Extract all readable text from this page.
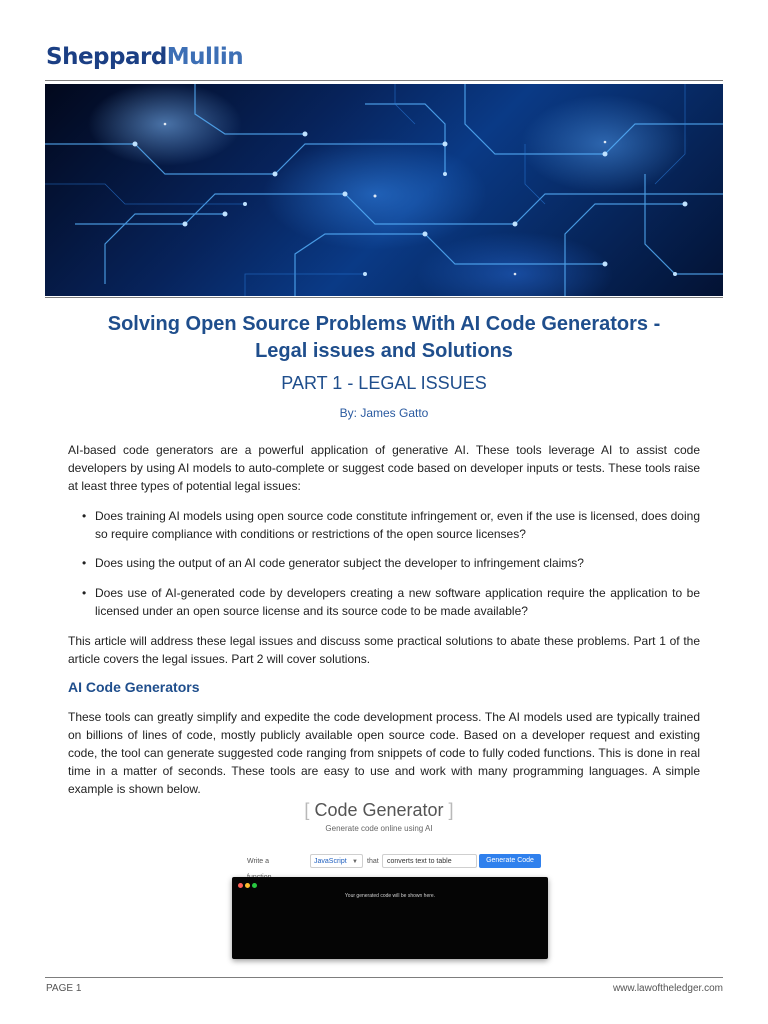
SheppardMullin
Solving Open Source Problems With AI Code Generators -
Legal issues and Solutions
PART 1 - LEGAL ISSUES
By: James Gatto
AI-based code generators are a powerful application of generative AI. These tools leverage AI to assist code developers by using AI models to auto-complete or suggest code based on developer inputs or tests. These tools raise at least three types of potential legal issues:
• Does training AI models using open source code constitute infringement or, even if the use is licensed, does doing so require compliance with conditions or restrictions of the open source licenses?
• Does using the output of an AI code generator subject the developer to infringement claims?
• Does use of AI-generated code by developers creating a new software application require the application to be licensed under an open source license and its source code to be made available?
This article will address these legal issues and discuss some practical solutions to abate these problems. Part 1 of the article covers the legal issues. Part 2 will cover solutions.
AI Code Generators
These tools can greatly simplify and expedite the code development process. The AI models used are typically trained on billions of lines of code, mostly publicly available open source code. Based on a developer request and existing code, the tool can generate suggested code ranging from snippets of code to fully coded functions. This is done in real time in a matter of seconds. These tools are easy to use and work with many programming languages. A simple example is shown below.
[ Code Generator ]
Generate code online using AI
Write a	JavaScript ▼ that	converts text to table	Generate Code
Your generated code will be shown here.
PAGE 1	www.lawoftheledger.com
